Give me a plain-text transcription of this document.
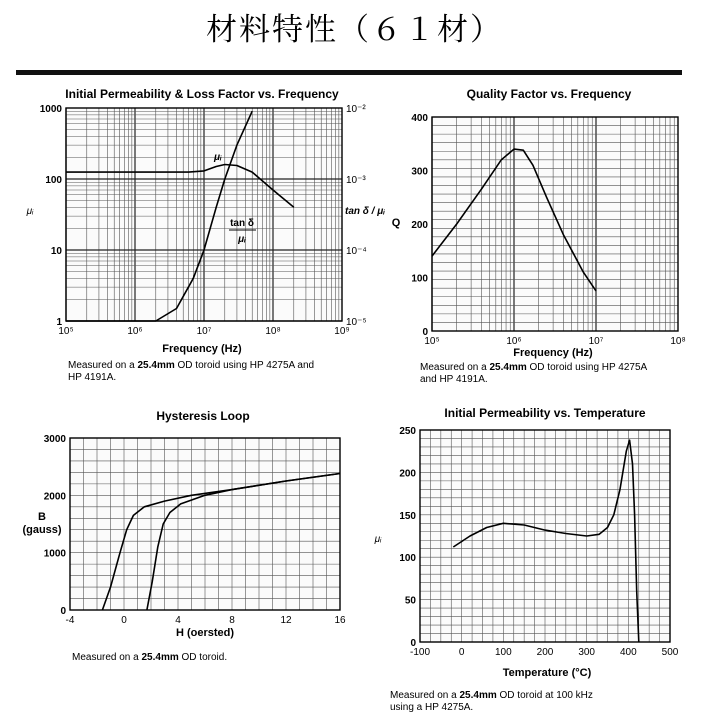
材料特性（６１材）
Initial Permeability & Loss Factor vs. Frequency
10⁵	10⁶	10⁷	10⁸	10⁹
1
10
100
1000
10⁻⁵
10⁻⁴
10⁻³
10⁻²
Frequency (Hz)
μᵢ	tan δ / μᵢ
μᵢ
tan δ
μᵢ
Quality Factor vs. Frequency
10⁵	10⁶	10⁷	10⁸
0
100
200
300
400
Frequency (Hz)
Q
Hysteresis Loop
-4	0	4	8	12	16
0
1000
2000
3000
H (oersted)
B
(gauss)
Initial Permeability vs. Temperature
-100	0	100 200 300 400 500
0
50
100
150
200
250
Temperature (°C)
μᵢ
Measured on a 25.4mm OD toroid using HP 4275A and
HP 4191A.
Measured on a 25.4mm OD toroid using HP 4275A
and HP 4191A.
Measured on a 25.4mm OD toroid.
Measured on a 25.4mm OD toroid at 100 kHz
using a HP 4275A.
